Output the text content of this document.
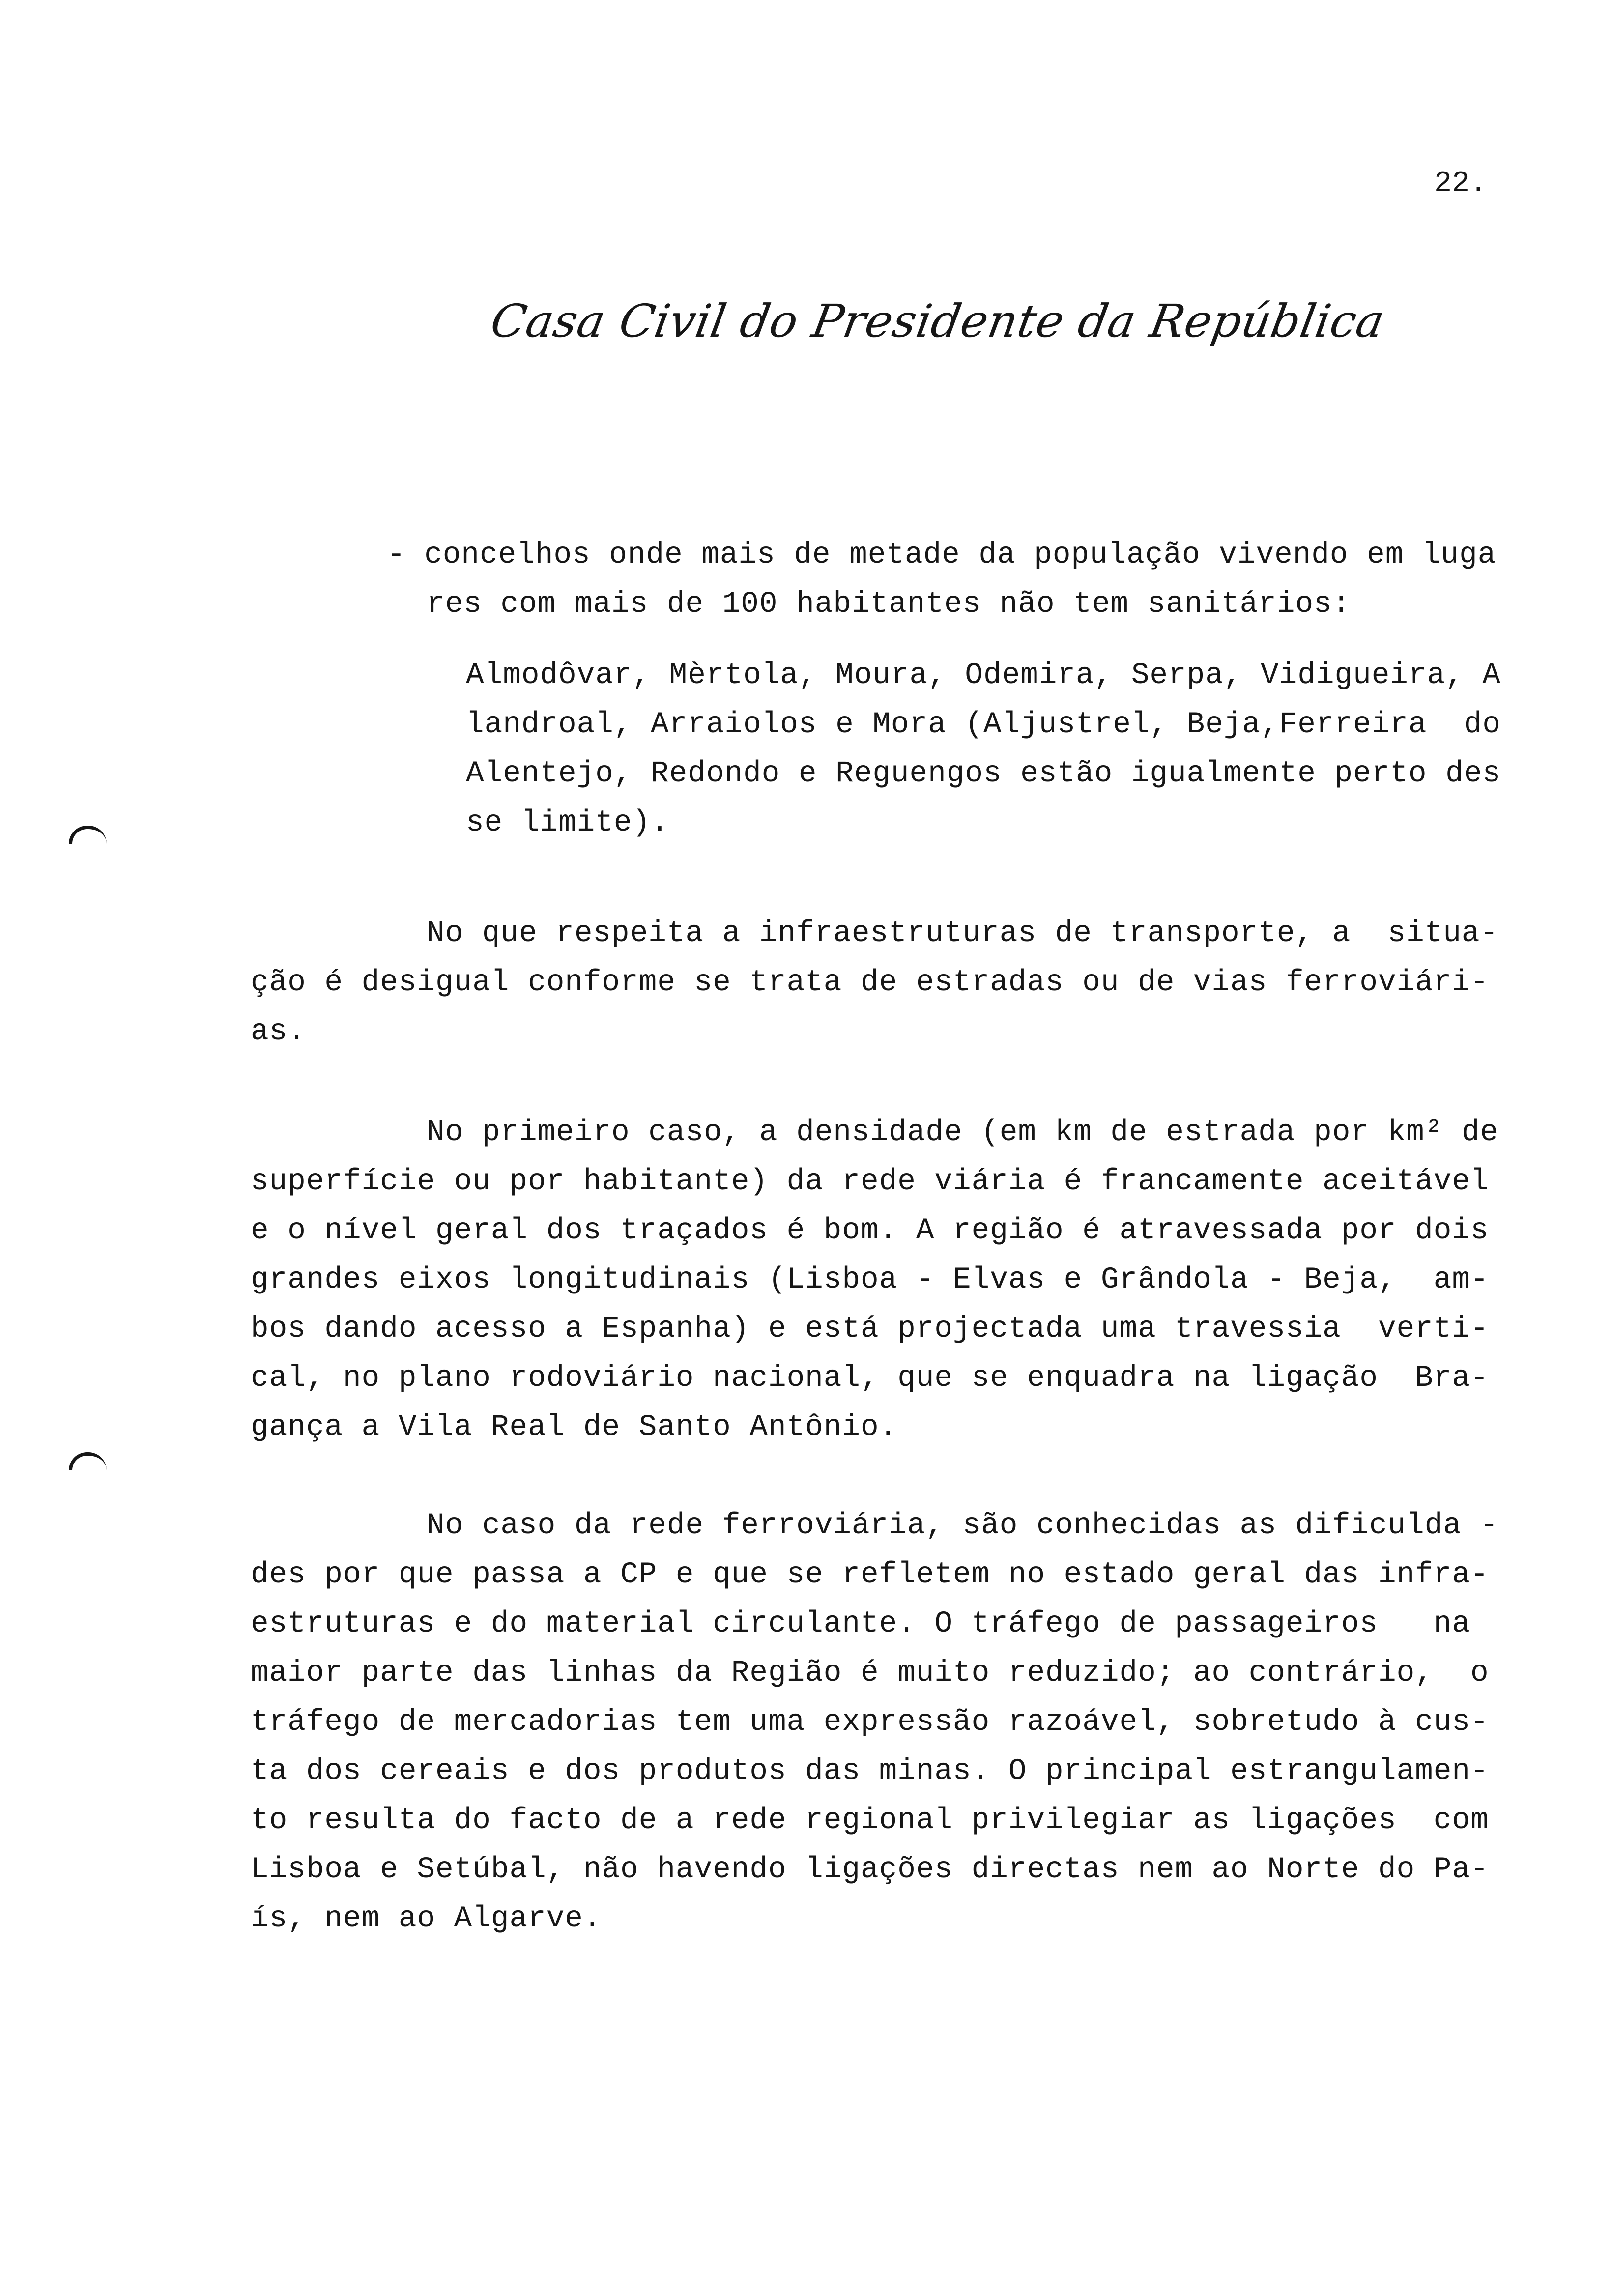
22.
Casa Civil do Presidente da República
- concelhos onde mais de metade da população vivendo em luga
res com mais de 100 habitantes não tem sanitários:
Almodôvar, Mèrtola, Moura, Odemira, Serpa, Vidigueira, A
landroal, Arraiolos e Mora (Aljustrel, Beja,Ferreira  do
Alentejo, Redondo e Reguengos estão igualmente perto des
se limite).
No que respeita a infraestruturas de transporte, a  situa-
ção é desigual conforme se trata de estradas ou de vias ferroviári-
as.
No primeiro caso, a densidade (em km de estrada por km² de
superfície ou por habitante) da rede viária é francamente aceitável
e o nível geral dos traçados é bom. A região é atravessada por dois
grandes eixos longitudinais (Lisboa - Elvas e Grândola - Beja,  am-
bos dando acesso a Espanha) e está projectada uma travessia  verti-
cal, no plano rodoviário nacional, que se enquadra na ligação  Bra-
gança a Vila Real de Santo Antônio.
No caso da rede ferroviária, são conhecidas as dificulda -
des por que passa a CP e que se refletem no estado geral das infra-
estruturas e do material circulante. O tráfego de passageiros   na
maior parte das linhas da Região é muito reduzido; ao contrário,  o
tráfego de mercadorias tem uma expressão razoável, sobretudo à cus-
ta dos cereais e dos produtos das minas. O principal estrangulamen-
to resulta do facto de a rede regional privilegiar as ligações  com
Lisboa e Setúbal, não havendo ligações directas nem ao Norte do Pa-
ís, nem ao Algarve.
